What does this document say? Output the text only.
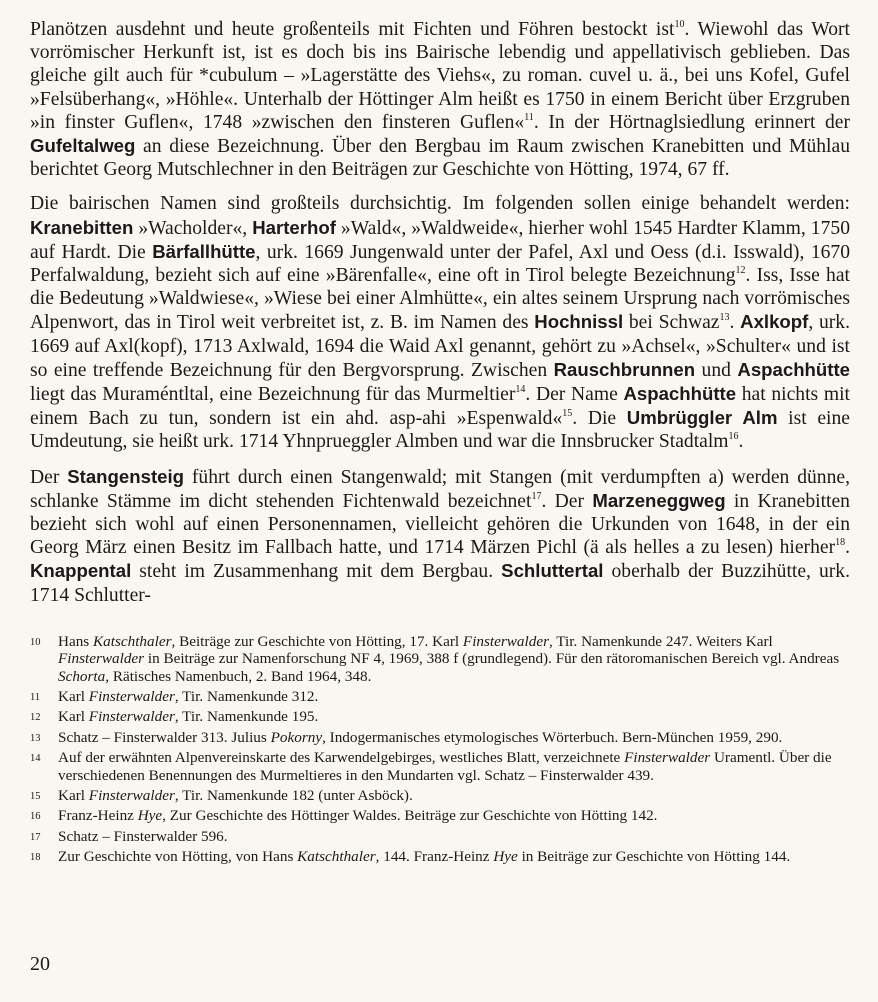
Planötzen ausdehnt und heute großenteils mit Fichten und Föhren bestockt ist$^{10}$. Wiewohl das Wort vorrömischer Herkunft ist, ist es doch bis ins Bairische lebendig und appellativisch geblieben. Das gleiche gilt auch für *cubulum – »Lagerstätte des Viehs«, zu roman. cuvel u. ä., bei uns Kofel, Gufel »Felsüberhang«, »Höhle«. Unterhalb der Höttinger Alm heißt es 1750 in einem Bericht über Erzgruben »in finster Guflen«, 1748 »zwischen den finsteren Guflen«$^{11}$. In der Hörtnaglsiedlung erinnert der Gufeltalweg an diese Bezeichnung. Über den Bergbau im Raum zwischen Kranebitten und Mühlau berichtet Georg Mutschlechner in den Beiträgen zur Geschichte von Hötting, 1974, 67 ff.

Die bairischen Namen sind großteils durchsichtig. Im folgenden sollen einige behandelt werden: Kranebitten »Wacholder«, Harterhof »Wald«, »Waldweide«, hierher wohl 1545 Hardter Klamm, 1750 auf Hardt. Die Bärfallhütte, urk. 1669 Jungenwald unter der Pafel, Axl und Oess (d.i. Isswald), 1670 Perfalwaldung, bezieht sich auf eine »Bärenfalle«, eine oft in Tirol belegte Bezeichnung$^{12}$. Iss, Isse hat die Bedeutung »Waldwiese«, »Wiese bei einer Almhütte«, ein altes seinem Ursprung nach vorrömisches Alpenwort, das in Tirol weit verbreitet ist, z. B. im Namen des Hochnissl bei Schwaz$^{13}$. Axlkopf, urk. 1669 auf Axl(kopf), 1713 Axlwald, 1694 die Waid Axl genannt, gehört zu »Achsel«, »Schulter« und ist so eine treffende Bezeichnung für den Bergvorsprung. Zwischen Rauschbrunnen und Aspachhütte liegt das Muraméntltal, eine Bezeichnung für das Murmeltier$^{14}$. Der Name Aspachhütte hat nichts mit einem Bach zu tun, sondern ist ein ahd. asp-ahi »Espenwald«$^{15}$. Die Umbrüggler Alm ist eine Umdeutung, sie heißt urk. 1714 Yhnprueggler Almben und war die Innsbrucker Stadtalm$^{16}$.

Der Stangensteig führt durch einen Stangenwald; mit Stangen (mit verdumpften a) werden dünne, schlanke Stämme im dicht stehenden Fichtenwald bezeichnet$^{17}$. Der Marzeneggweg in Kranebitten bezieht sich wohl auf einen Personennamen, vielleicht gehören die Urkunden von 1648, in der ein Georg März einen Besitz im Fallbach hatte, und 1714 Märzen Pichl (ä als helles a zu lesen) hierher$^{18}$. Knappental steht im Zusammenhang mit dem Bergbau. Schluttertal oberhalb der Buzzihütte, urk. 1714 Schlutter-

10	Hans Katschthaler, Beiträge zur Geschichte von Hötting, 17. Karl Finsterwalder, Tir. Namenkunde 247. Weiters Karl Finsterwalder in Beiträge zur Namenforschung NF 4, 1969, 388 f (grundlegend). Für den rätoromanischen Bereich vgl. Andreas Schorta, Rätisches Namenbuch, 2. Band 1964, 348.
11	Karl Finsterwalder, Tir. Namenkunde 312.
12	Karl Finsterwalder, Tir. Namenkunde 195.
13	Schatz – Finsterwalder 313. Julius Pokorny, Indogermanisches etymologisches Wörterbuch. Bern-München 1959, 290.
14	Auf der erwähnten Alpenvereinskarte des Karwendelgebirges, westliches Blatt, verzeichnete Finsterwalder Uramentl. Über die verschiedenen Benennungen des Murmeltieres in den Mundarten vgl. Schatz – Finsterwalder 439.
15	Karl Finsterwalder, Tir. Namenkunde 182 (unter Asböck).
16	Franz-Heinz Hye, Zur Geschichte des Höttinger Waldes. Beiträge zur Geschichte von Hötting 142.
17	Schatz – Finsterwalder 596.
18	Zur Geschichte von Hötting, von Hans Katschthaler, 144. Franz-Heinz Hye in Beiträge zur Geschichte von Hötting 144.
20
